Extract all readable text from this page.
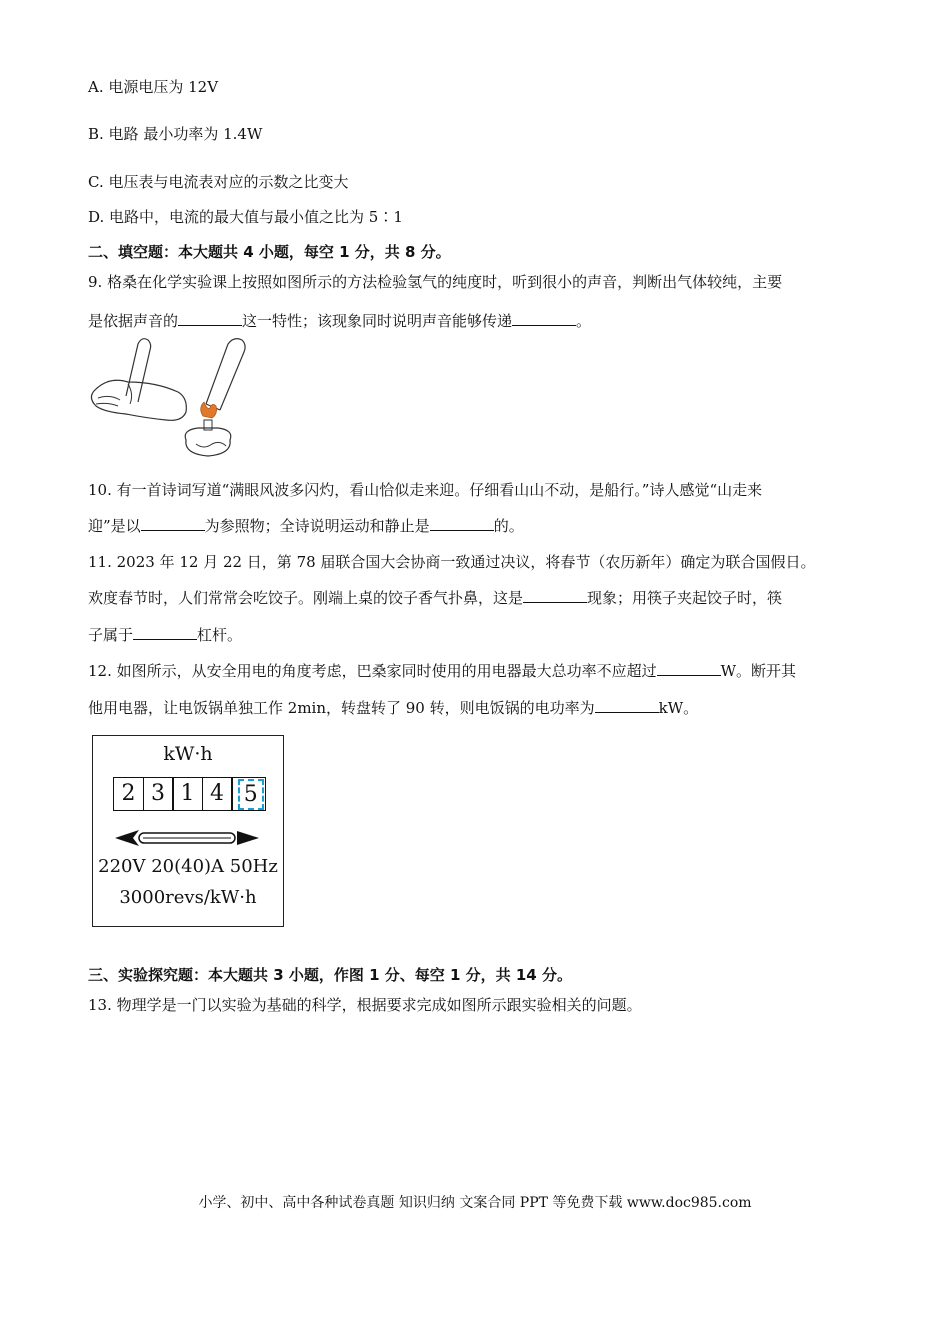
A. 电源电压为 12V
B. 电路 最小功率为 1.4W
C. 电压表与电流表对应的示数之比变大
D. 电路中，电流的最大值与最小值之比为 5∶1
二、填空题：本大题共 4 小题，每空 1 分，共 8 分。
9. 格桑在化学实验课上按照如图所示的方法检验氢气的纯度时，听到很小的声音，判断出气体较纯，主要
是依据声音的	这一特性；该现象同时说明声音能够传递	。
10. 有一首诗词写道“满眼风波多闪灼，看山恰似走来迎。仔细看山山不动，是船行。”诗人感觉“山走来
迎”是以	为参照物；全诗说明运动和静止是	的。
11. 2023 年 12 月 22 日，第 78 届联合国大会协商一致通过决议，将春节（农历新年）确定为联合国假日。
欢度春节时，人们常常会吃饺子。刚端上桌的饺子香气扑鼻，这是	现象；用筷子夹起饺子时，筷
子属于	杠杆。
12. 如图所示，从安全用电的角度考虑，巴桑家同时使用的用电器最大总功率不应超过	W。断开其
他用电器，让电饭锅单独工作 2min，转盘转了 90 转，则电饭锅的电功率为	kW。
kW·h
2 3 1 4 5
220V 20(40)A 50Hz
3000revs/kW·h
三、实验探究题：本大题共 3 小题，作图 1 分、每空 1 分，共 14 分。
13. 物理学是一门以实验为基础的科学，根据要求完成如图所示跟实验相关的问题。
小学、初中、高中各种试卷真题 知识归纳 文案合同 PPT 等免费下载 www.doc985.com
